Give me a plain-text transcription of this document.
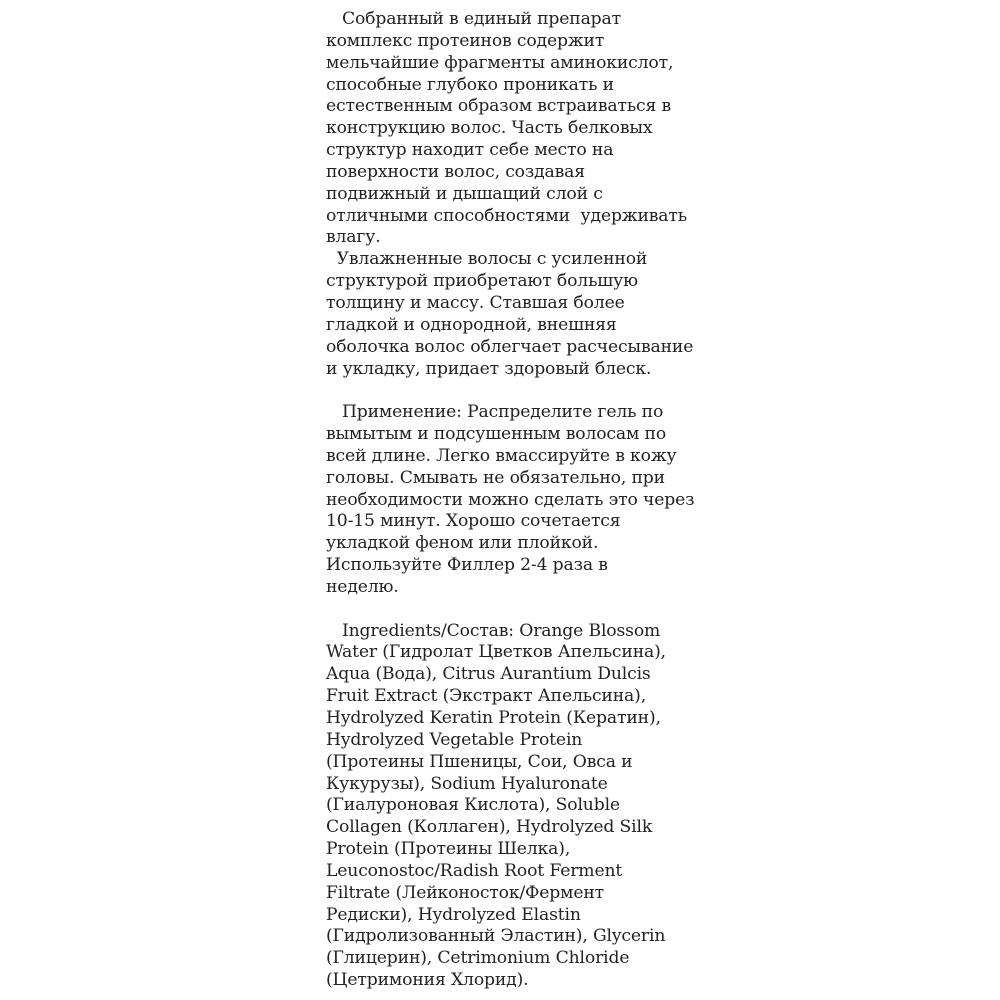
Собранный в единый препарат
комплекс протеинов содержит
мельчайшие фрагменты аминокислот,
способные глубоко проникать и
естественным образом встраиваться в
конструкцию волос. Часть белковых
структур находит себе место на
поверхности волос, создавая
подвижный и дышащий слой с
отличными способностями  удерживать
влагу.
Увлажненные волосы с усиленной
структурой приобретают большую
толщину и массу. Ставшая более
гладкой и однородной, внешняя
оболочка волос облегчает расчесывание
и укладку, придает здоровый блеск.
Применение: Распределите гель по
вымытым и подсушенным волосам по
всей длине. Легко вмассируйте в кожу
головы. Смывать не обязательно, при
необходимости можно сделать это через
10-15 минут. Хорошо сочетается
укладкой феном или плойкой.
Используйте Филлер 2-4 раза в
неделю.
Ingredients/Состав: Orange Blossom
Water (Гидролат Цветков Апельсина),
Aqua (Вода), Citrus Aurantium Dulcis
Fruit Extract (Экстракт Апельсина),
Hydrolyzed Keratin Protein (Кератин),
Hydrolyzed Vegetable Protein
(Протеины Пшеницы, Сои, Овса и
Кукурузы), Sodium Hyaluronate
(Гиалуроновая Кислота), Soluble
Collagen (Коллаген), Hydrolyzed Silk
Protein (Протеины Шелка),
Leuconostoc/Radish Root Ferment
Filtrate (Лейконосток/Фермент
Редиски), Hydrolyzed Elastin
(Гидролизованный Эластин), Glycerin
(Глицерин), Cetrimonium Chloride
(Цетримония Хлорид).
